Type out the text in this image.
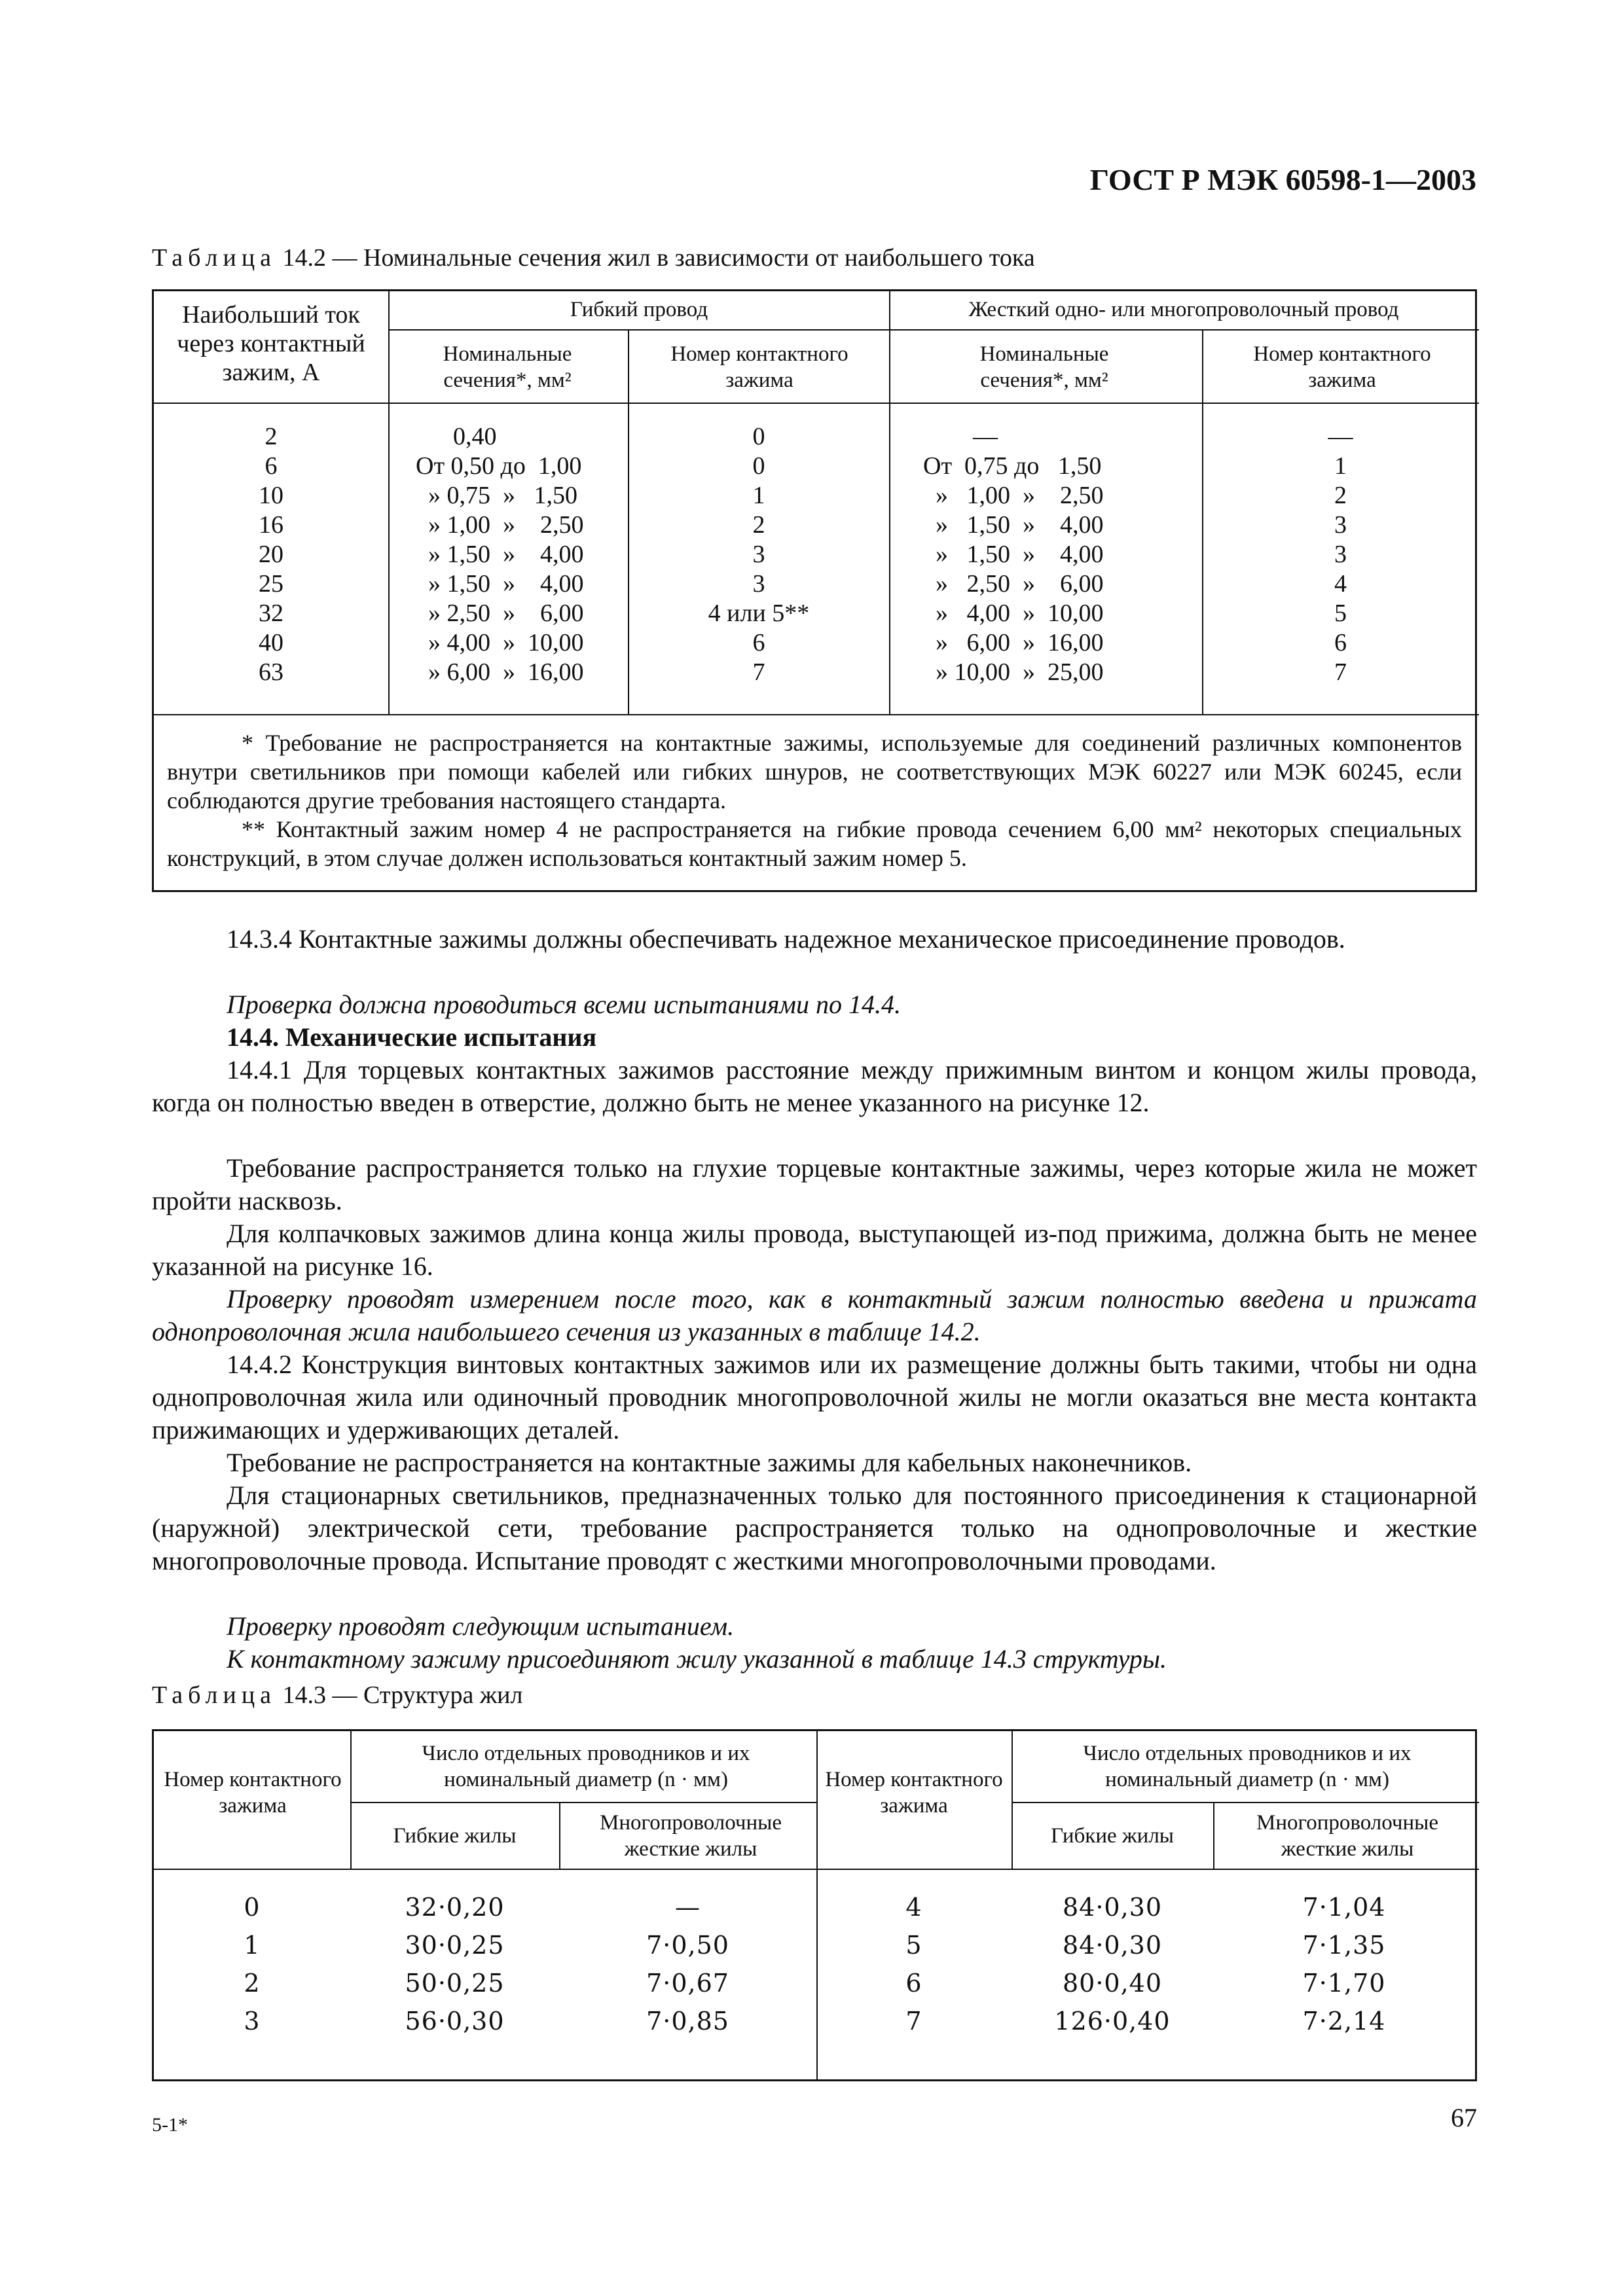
ГОСТ Р МЭК 60598-1—2003
Таблица 14.2 — Номинальные сечения жил в зависимости от наибольшего тока
Наибольший ток через контактный зажим, А
Гибкий провод	Жесткий одно- или многопроволочный провод
Номинальные сечения*, мм²
Номер контактного зажима
Номинальные сечения*, мм²
Номер контактного зажима
2
6
10
16
20
25
32
40
63
0,40
От 0,50 до  1,00
» 0,75  »   1,50
» 1,00  »    2,50
» 1,50  »    4,00
» 1,50  »    4,00
» 2,50  »    6,00
» 4,00  »  10,00
» 6,00  »  16,00
0
0
1
2
3
3
4 или 5**
6
7
—
От  0,75 до   1,50
»   1,00  »    2,50
»   1,50  »    4,00
»   1,50  »    4,00
»   2,50  »    6,00
»   4,00  »  10,00
»   6,00  »  16,00
» 10,00  »  25,00
—
1
2
3
3
4
5
6
7
* Требование не распространяется на контактные зажимы, используемые для соединений различных компонентов внутри светильников при помощи кабелей или гибких шнуров, не соответствующих МЭК 60227 или МЭК 60245, если соблюдаются другие требования настоящего стандарта.
** Контактный зажим номер 4 не распространяется на гибкие провода сечением 6,00 мм² некоторых специальных конструкций, в этом случае должен использоваться контактный зажим номер 5.
14.3.4 Контактные зажимы должны обеспечивать надежное механическое присоединение проводов.
Проверка должна проводиться всеми испытаниями по 14.4.
14.4. Механические испытания
14.4.1 Для торцевых контактных зажимов расстояние между прижимным винтом и концом жилы провода, когда он полностью введен в отверстие, должно быть не менее указанного на рисунке 12.
Требование распространяется только на глухие торцевые контактные зажимы, через которые жила не может пройти насквозь.
Для колпачковых зажимов длина конца жилы провода, выступающей из-под прижима, должна быть не менее указанной на рисунке 16.
Проверку проводят измерением после того, как в контактный зажим полностью введена и прижата однопроволочная жила наибольшего сечения из указанных в таблице 14.2.
14.4.2 Конструкция винтовых контактных зажимов или их размещение должны быть такими, чтобы ни одна однопроволочная жила или одиночный проводник многопроволочной жилы не могли оказаться вне места контакта прижимающих и удерживающих деталей.
Требование не распространяется на контактные зажимы для кабельных наконечников.
Для стационарных светильников, предназначенных только для постоянного присоединения к стационарной (наружной) электрической сети, требование распространяется только на однопроволочные и жесткие многопроволочные провода. Испытание проводят с жесткими многопроволочными проводами.
Проверку проводят следующим испытанием.
К контактному зажиму присоединяют жилу указанной в таблице 14.3 структуры.
Таблица 14.3 — Структура жил
Номер контактного зажима
Число отдельных проводников и их номинальный диаметр (n · мм)
Гибкие жилы
Многопроволочные жесткие жилы
Номер контактного зажима
Число отдельных проводников и их номинальный диаметр (n · мм)
Гибкие жилы
Многопроволочные жесткие жилы
0
1
2
3
32·0,20
30·0,25
50·0,25
56·0,30
—
7·0,50
7·0,67
7·0,85
4
5
6
7
84·0,30
84·0,30
80·0,40
126·0,40
7·1,04
7·1,35
7·1,70
7·2,14
5-1*	67
